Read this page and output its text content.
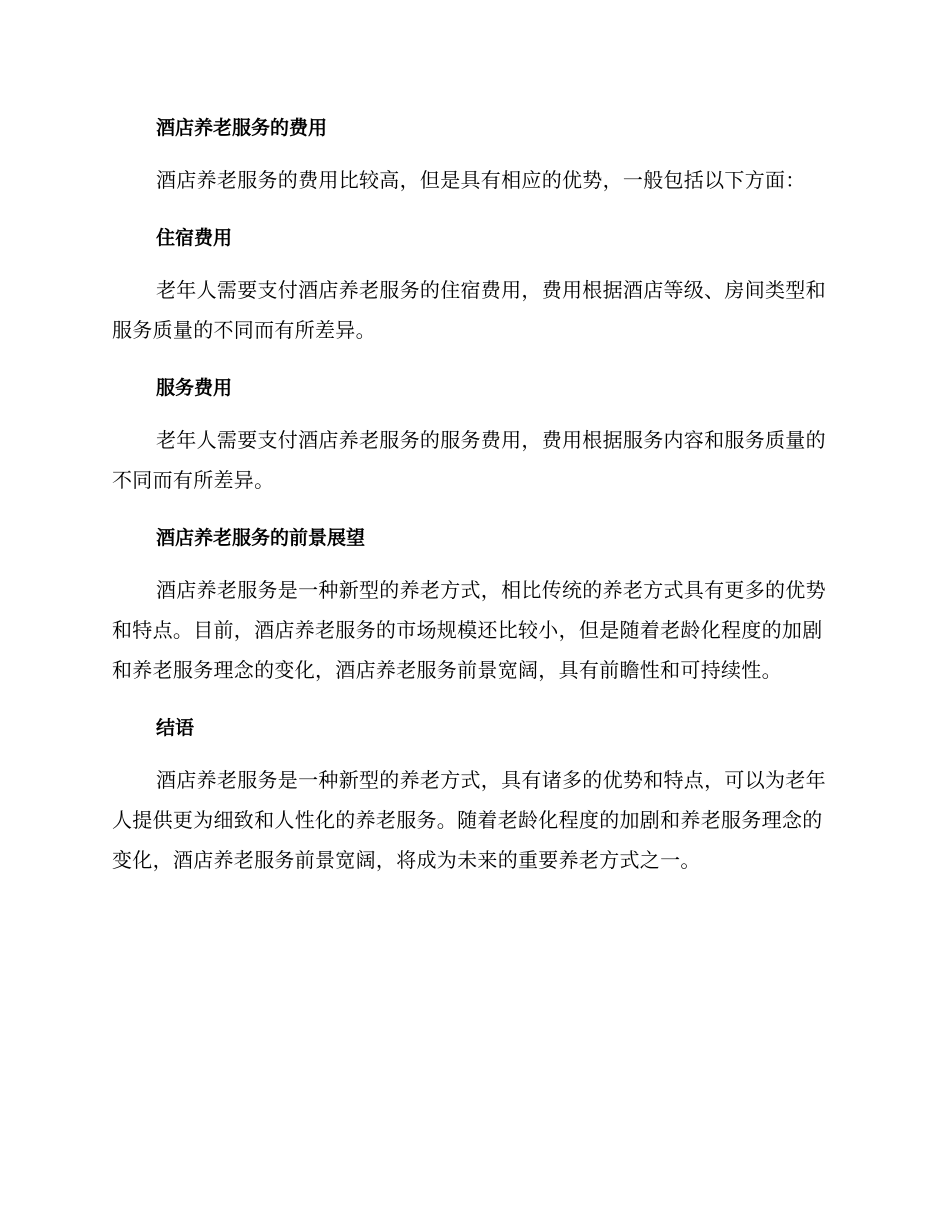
酒店养老服务的费用

酒店养老服务的费用比较高，但是具有相应的优势，一般包括以下方面：

住宿费用

老年人需要支付酒店养老服务的住宿费用，费用根据酒店等级、房间类型和服务质量的不同而有所差异。

服务费用

老年人需要支付酒店养老服务的服务费用，费用根据服务内容和服务质量的不同而有所差异。

酒店养老服务的前景展望

酒店养老服务是一种新型的养老方式，相比传统的养老方式具有更多的优势和特点。目前，酒店养老服务的市场规模还比较小，但是随着老龄化程度的加剧和养老服务理念的变化，酒店养老服务前景宽阔，具有前瞻性和可持续性。

结语

酒店养老服务是一种新型的养老方式，具有诸多的优势和特点，可以为老年人提供更为细致和人性化的养老服务。随着老龄化程度的加剧和养老服务理念的变化，酒店养老服务前景宽阔，将成为未来的重要养老方式之一。
